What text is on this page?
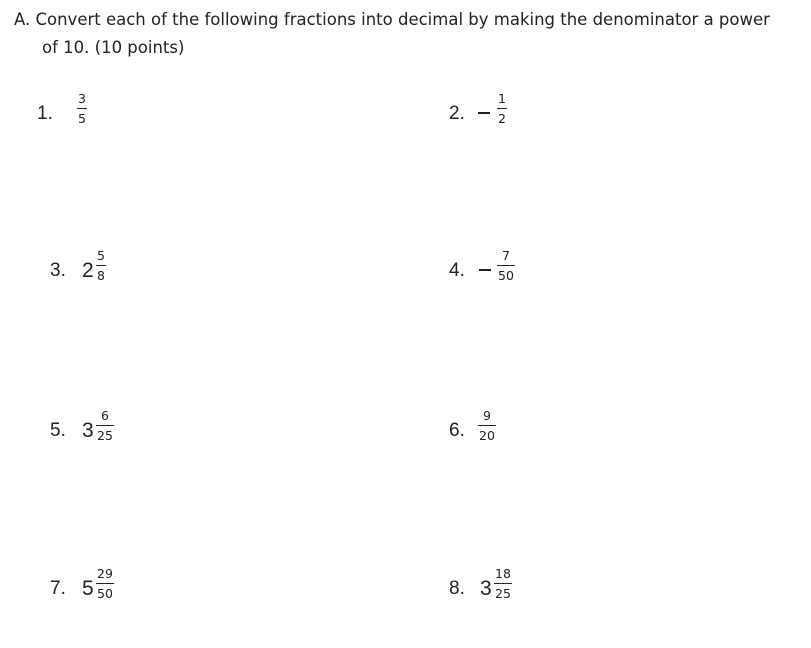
A. Convert each of the following fractions into decimal by making the denominator a power
of 10. (10 points)
1.
3
5	2.
1
2
3. 2
5
8	4.
7
50
5. 3
6
25	6.
9
20
7. 5
29
50	8. 3
18
25
